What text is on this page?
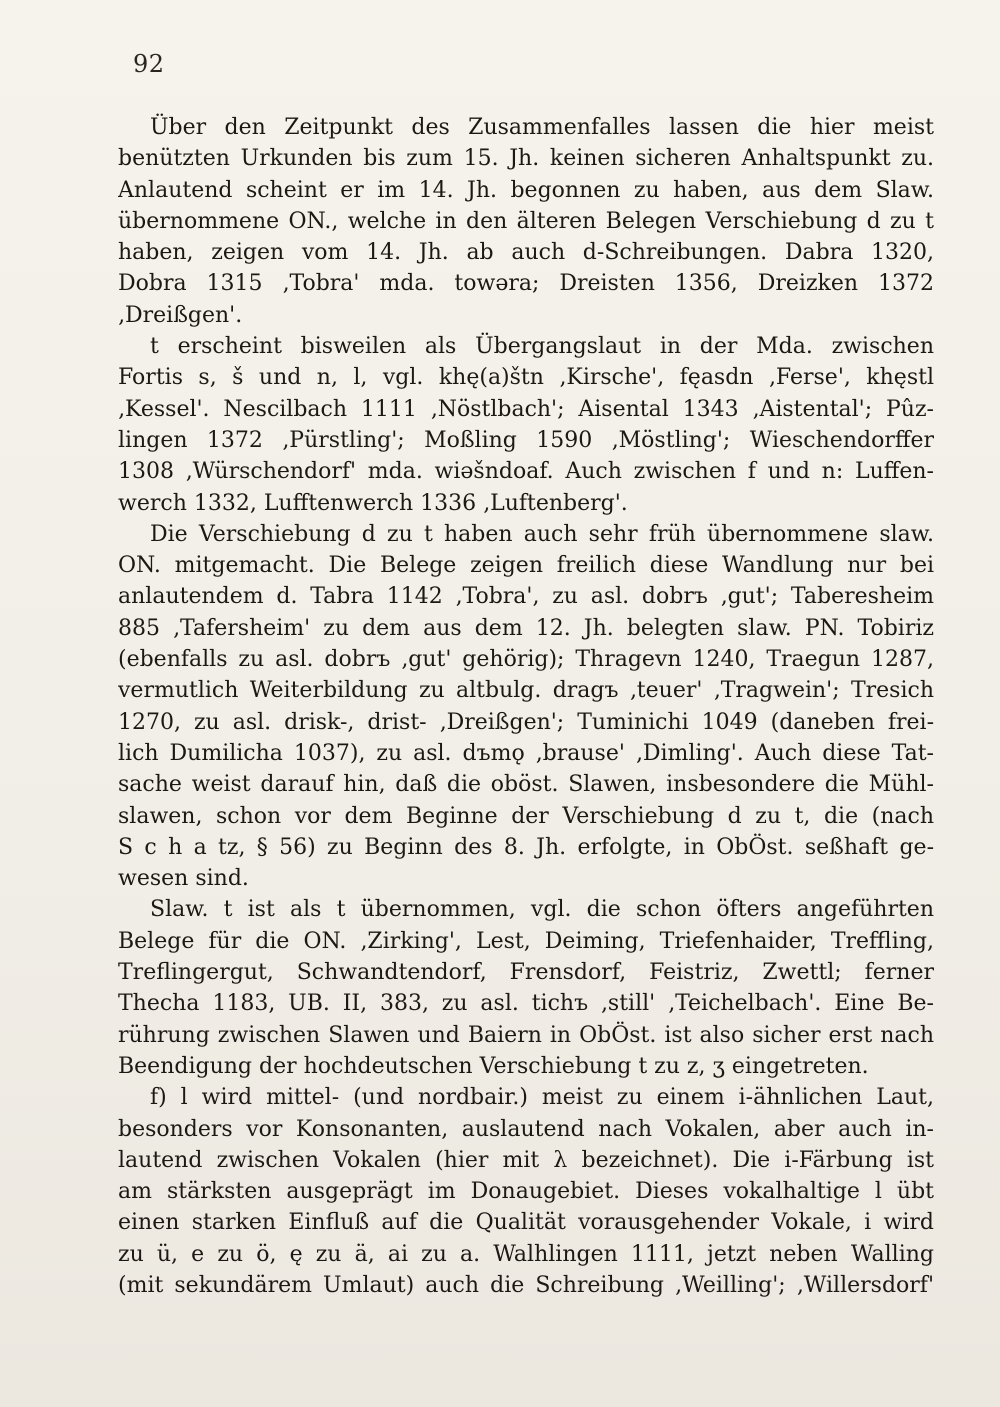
92
Über den Zeitpunkt des Zusammenfalles lassen die hier meist
benützten Urkunden bis zum 15. Jh. keinen sicheren Anhaltspunkt zu.
Anlautend scheint er im 14. Jh. begonnen zu haben, aus dem Slaw.
übernommene ON., welche in den älteren Belegen Verschiebung d zu t
haben, zeigen vom 14. Jh. ab auch d-Schreibungen. Dabra 1320,
Dobra 1315 ‚Tobra' mda. towəra; Dreisten 1356, Dreizken 1372
‚Dreißgen'.
t erscheint bisweilen als Übergangslaut in der Mda. zwischen
Fortis s, š und n, l, vgl. khę(a)štn ‚Kirsche', fęasdn ‚Ferse', khęstl
‚Kessel'. Nescilbach 1111 ‚Nöstlbach'; Aisental 1343 ‚Aistental'; Pûz-
lingen 1372 ‚Pürstling'; Moßling 1590 ‚Möstling'; Wieschendorffer
1308 ‚Würschendorf' mda. wiəšndoaf. Auch zwischen f und n: Luffen-
werch 1332, Lufftenwerch 1336 ‚Luftenberg'.
Die Verschiebung d zu t haben auch sehr früh übernommene slaw.
ON. mitgemacht. Die Belege zeigen freilich diese Wandlung nur bei
anlautendem d. Tabra 1142 ‚Tobra', zu asl. dobrъ ‚gut'; Taberesheim
885 ‚Tafersheim' zu dem aus dem 12. Jh. belegten slaw. PN. Tobiriz
(ebenfalls zu asl. dobrъ ‚gut' gehörig); Thragevn 1240, Traegun 1287,
vermutlich Weiterbildung zu altbulg. dragъ ‚teuer' ‚Tragwein'; Tresich
1270, zu asl. drisk-, drist- ‚Dreißgen'; Tuminichi 1049 (daneben frei-
lich Dumilicha 1037), zu asl. dъmǫ ‚brause' ‚Dimling'. Auch diese Tat-
sache weist darauf hin, daß die oböst. Slawen, insbesondere die Mühl-
slawen, schon vor dem Beginne der Verschiebung d zu t, die (nach
S c h a tz, § 56) zu Beginn des 8. Jh. erfolgte, in ObÖst. seßhaft ge-
wesen sind.
Slaw. t ist als t übernommen, vgl. die schon öfters angeführten
Belege für die ON. ‚Zirking', Lest, Deiming, Triefenhaider, Treffling,
Treflingergut, Schwandtendorf, Frensdorf, Feistriz, Zwettl; ferner
Thecha 1183, UB. II, 383, zu asl. tichъ ‚still' ‚Teichelbach'. Eine Be-
rührung zwischen Slawen und Baiern in ObÖst. ist also sicher erst nach
Beendigung der hochdeutschen Verschiebung t zu z, ʒ eingetreten.
f) l wird mittel- (und nordbair.) meist zu einem i-ähnlichen Laut,
besonders vor Konsonanten, auslautend nach Vokalen, aber auch in-
lautend zwischen Vokalen (hier mit λ bezeichnet). Die i-Färbung ist
am stärksten ausgeprägt im Donaugebiet. Dieses vokalhaltige l übt
einen starken Einfluß auf die Qualität vorausgehender Vokale, i wird
zu ü, e zu ö, ę zu ä, ai zu a. Walhlingen 1111, jetzt neben Walling
(mit sekundärem Umlaut) auch die Schreibung ‚Weilling'; ‚Willersdorf'
